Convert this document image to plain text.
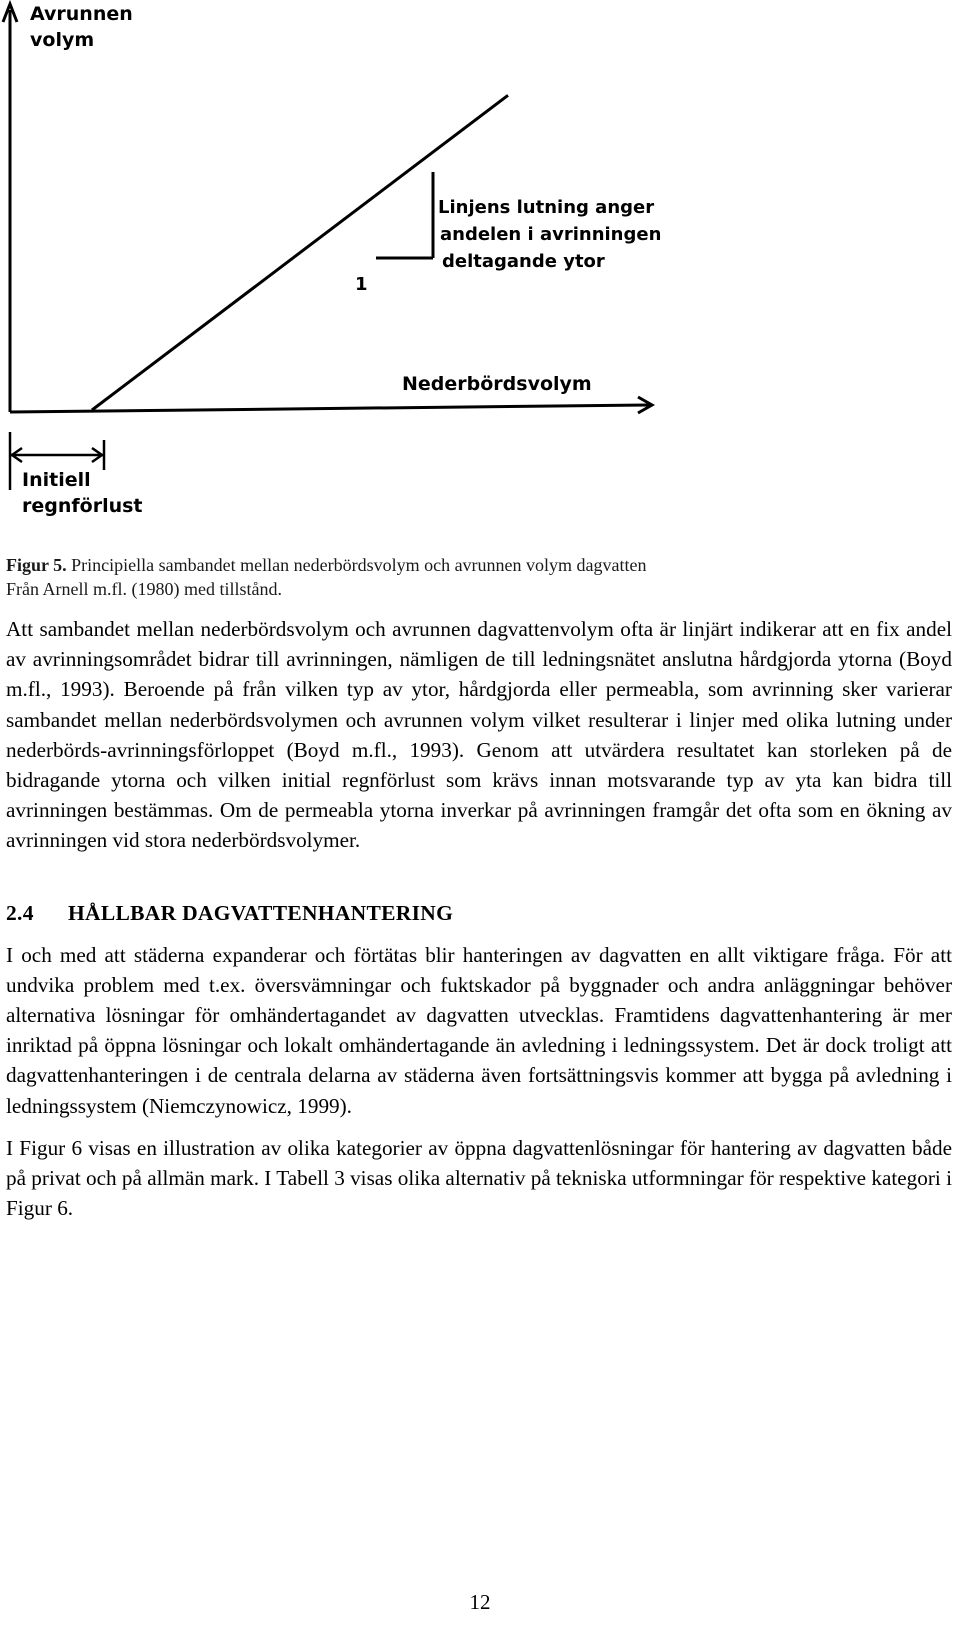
Avrunnen
volym
Nederbördsvolym
Linjens lutning anger
andelen i avrinningen
deltagande ytor
1
Initiell
regnförlust
Figur 5. Principiella sambandet mellan nederbördsvolym och avrunnen volym dagvatten
Från Arnell m.fl. (1980) med tillstånd.

Att sambandet mellan nederbördsvolym och avrunnen dagvattenvolym ofta är linjärt indikerar att en fix andel av avrinningsområdet bidrar till avrinningen, nämligen de till ledningsnätet anslutna hårdgjorda ytorna (Boyd m.fl., 1993). Beroende på från vilken typ av ytor, hårdgjorda eller permeabla, som avrinning sker varierar sambandet mellan nederbördsvolymen och avrunnen volym vilket resulterar i linjer med olika lutning under nederbörds-avrinningsförloppet (Boyd m.fl., 1993). Genom att utvärdera resultatet kan storleken på de bidragande ytorna och vilken initial regnförlust som krävs innan motsvarande typ av yta kan bidra till avrinningen bestämmas. Om de permeabla ytorna inverkar på avrinningen framgår det ofta som en ökning av avrinningen vid stora nederbördsvolymer.

2.4 HÅLLBAR DAGVATTENHANTERING

I och med att städerna expanderar och förtätas blir hanteringen av dagvatten en allt viktigare fråga. För att undvika problem med t.ex. översvämningar och fuktskador på byggnader och andra anläggningar behöver alternativa lösningar för omhändertagandet av dagvatten utvecklas. Framtidens dagvattenhantering är mer inriktad på öppna lösningar och lokalt omhändertagande än avledning i ledningssystem. Det är dock troligt att dagvattenhanteringen i de centrala delarna av städerna även fortsättningsvis kommer att bygga på avledning i ledningssystem (Niemczynowicz, 1999).

I Figur 6 visas en illustration av olika kategorier av öppna dagvattenlösningar för hantering av dagvatten både på privat och på allmän mark. I Tabell 3 visas olika alternativ på tekniska utformningar för respektive kategori i Figur 6.

12
